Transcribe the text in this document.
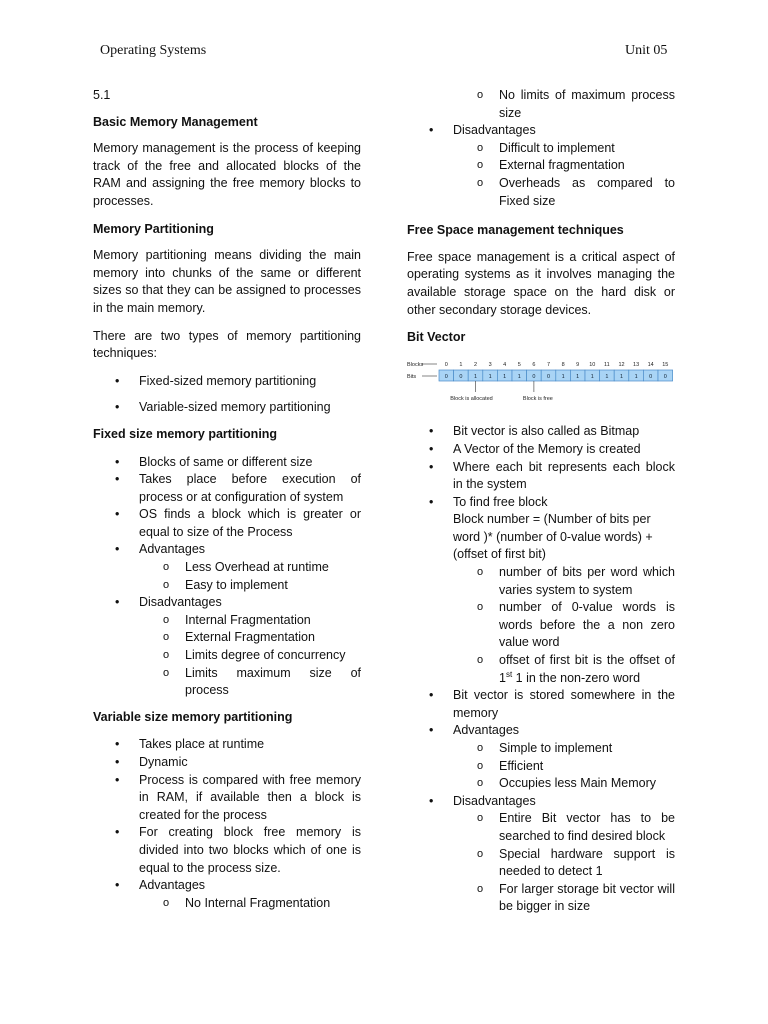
Operating Systems	Unit 05

5.1

Basic Memory Management

Memory management is the process of keeping track of the free and allocated blocks of the RAM and assigning the free memory blocks to processes.

Memory Partitioning

Memory partitioning means dividing the main memory into chunks of the same or different sizes so that they can be assigned to processes in the main memory.

There are two types of memory partitioning techniques:

• Fixed-sized memory partitioning
• Variable-sized memory partitioning

Fixed size memory partitioning

• Blocks of same or different size
• Takes place before execution of process or at configuration of system
• OS finds a block which is greater or equal to size of the Process
• Advantages
o Less Overhead at runtime
o Easy to implement
• Disadvantages
o Internal Fragmentation
o External Fragmentation
o Limits degree of concurrency
o Limits maximum size of process

Variable size memory partitioning

• Takes place at runtime
• Dynamic
• Process is compared with free memory in RAM, if available then a block is created for the process
• For creating block free memory is divided into two blocks which of one is equal to the process size.
• Advantages
o No Internal Fragmentation
o No limits of maximum process size
• Disadvantages
o Difficult to implement
o External fragmentation
o Overheads as compared to Fixed size

Free Space management techniques

Free space management is a critical aspect of operating systems as it involves managing the available storage space on the hard disk or other secondary storage devices.

Bit Vector

Blocks
Bits
0 1 2 3 4 5 6 7 8 9 10 11 12 13 14 15
0 0 1 1 1 1 0 0 1 1 1 1 1 1 0 0
Block is allocated	Block is free
• Bit vector is also called as Bitmap
• A Vector of the Memory is created
• Where each bit represents each block in the system
• To find free block
Block number = (Number of bits per word )* (number of 0-value words) + (offset of first bit)
o number of bits per word which varies system to system
o number of 0-value words is words before the a non zero value word
o offset of first bit is the offset of 1st 1 in the non-zero word
• Bit vector is stored somewhere in the memory
• Advantages
o Simple to implement
o Efficient
o Occupies less Main Memory
• Disadvantages
o Entire Bit vector has to be searched to find desired block
o Special hardware support is needed to detect 1
o For larger storage bit vector will be bigger in size
